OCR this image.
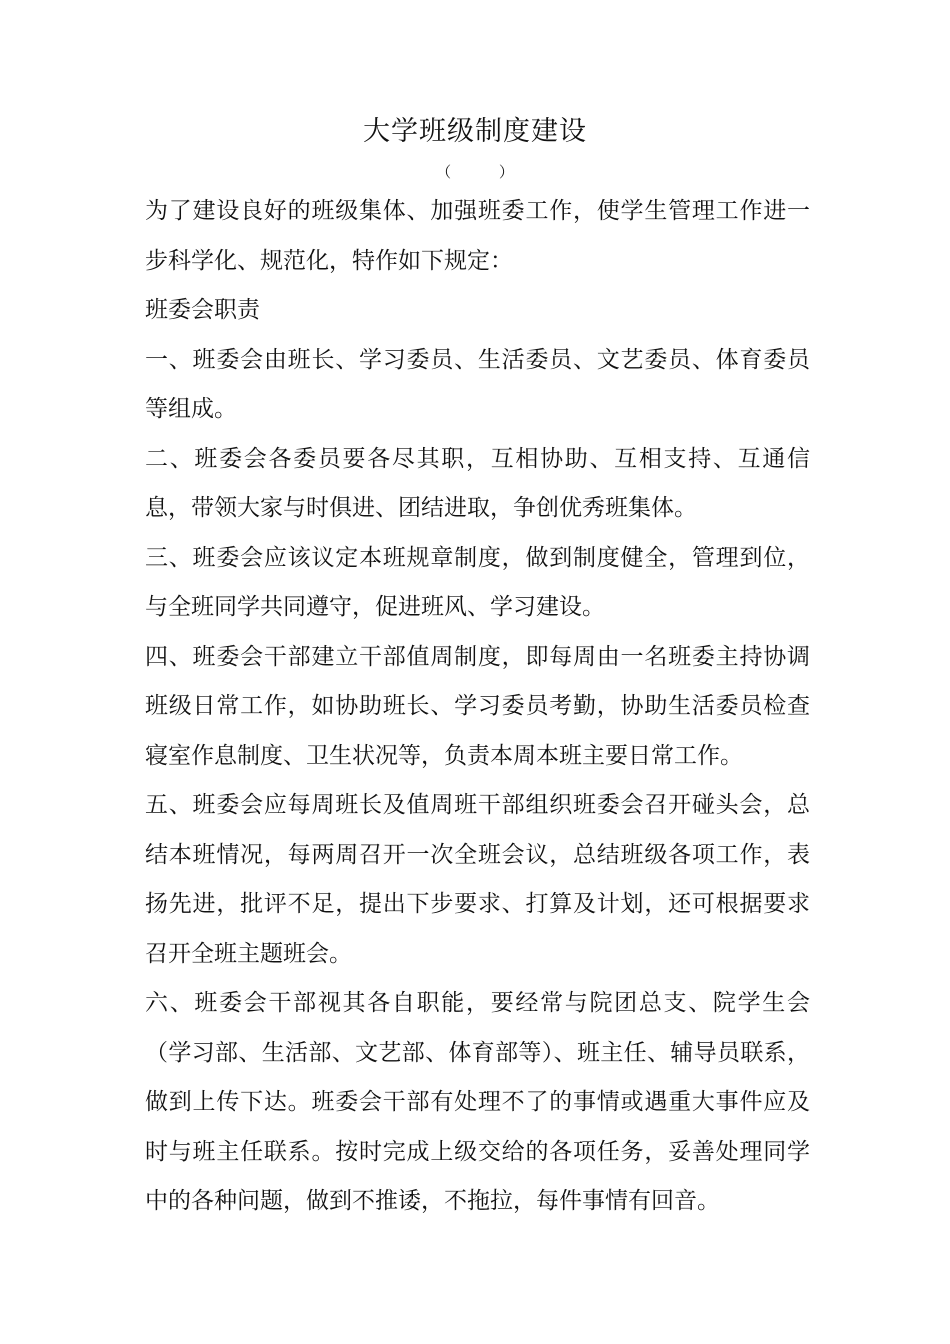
大学班级制度建设
（          ）

为了建设良好的班级集体、加强班委工作，使学生管理工作进一步科学化、规范化，特作如下规定：

班委会职责

一、班委会由班长、学习委员、生活委员、文艺委员、体育委员等组成。

二、班委会各委员要各尽其职，互相协助、互相支持、互通信息，带领大家与时俱进、团结进取，争创优秀班集体。

三、班委会应该议定本班规章制度，做到制度健全，管理到位，与全班同学共同遵守，促进班风、学习建设。

四、班委会干部建立干部值周制度，即每周由一名班委主持协调班级日常工作，如协助班长、学习委员考勤，协助生活委员检查寝室作息制度、卫生状况等，负责本周本班主要日常工作。

五、班委会应每周班长及值周班干部组织班委会召开碰头会，总结本班情况，每两周召开一次全班会议，总结班级各项工作，表扬先进，批评不足，提出下步要求、打算及计划，还可根据要求召开全班主题班会。

六、班委会干部视其各自职能，要经常与院团总支、院学生会（学习部、生活部、文艺部、体育部等）、班主任、辅导员联系，做到上传下达。班委会干部有处理不了的事情或遇重大事件应及时与班主任联系。按时完成上级交给的各项任务，妥善处理同学中的各种问题，做到不推诿，不拖拉，每件事情有回音。
